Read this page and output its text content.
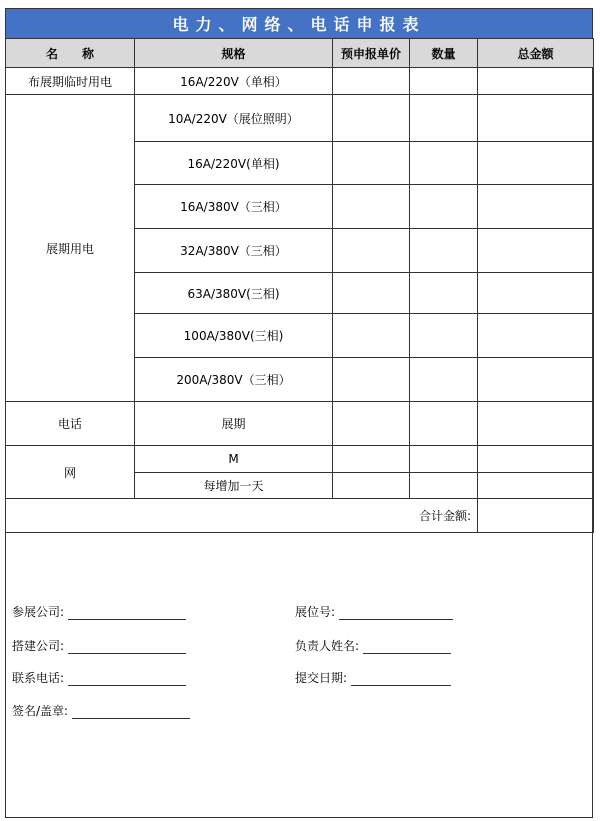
电力、网络、电话申报表
名　　称	规格	预申报单价	数量	总金额
布展期临时用电	16A/220V（单相）			
展期用电	10A/220V（展位照明）			
	16A/220V(单相)			
	16A/380V（三相）			
	32A/380V（三相）			
	63A/380V(三相)			
	100A/380V(三相)			
	200A/380V（三相）			
电话	展期			
网	M			
	每增加一天			
合计金额:				
参展公司:
搭建公司:
联系电话:
签名/盖章:
展位号:
负责人姓名:
提交日期:
